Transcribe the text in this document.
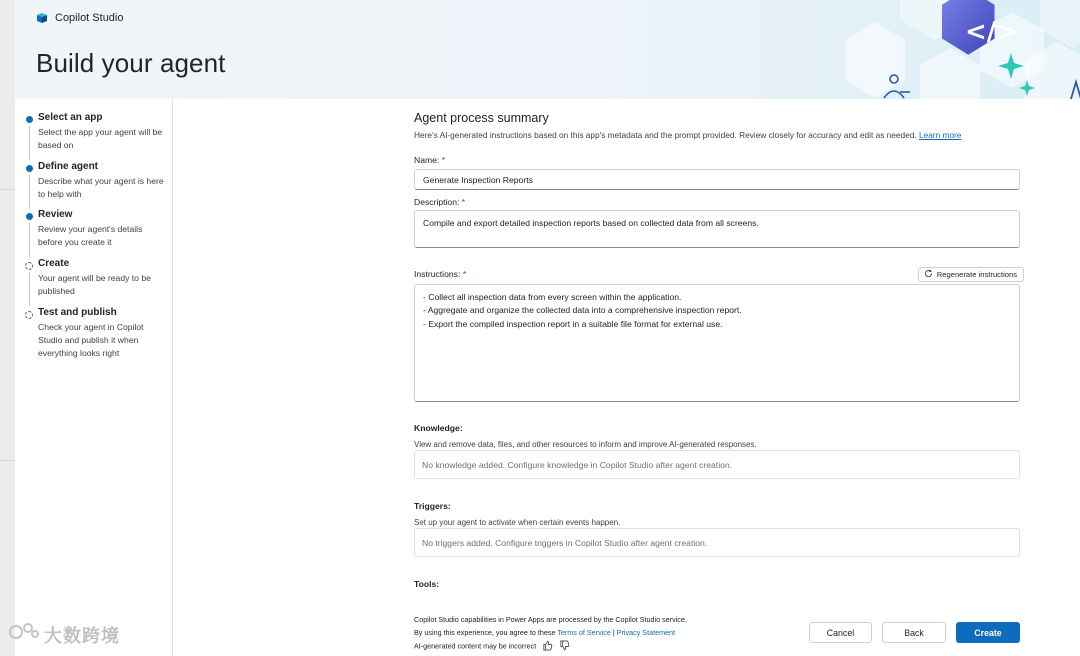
Copilot Studio
Build your agent
</>
Select an app
Select the app your agent will be based on
Define agent
Describe what your agent is here to help with
Review
Review your agent's details before you create it
Create
Your agent will be ready to be published
Test and publish
Check your agent in Copilot Studio and publish it when everything looks right
Agent process summary
Here's AI-generated instructions based on this app's metadata and the prompt provided. Review closely for accuracy and edit as needed. Learn more
Name: *
Generate Inspection Reports
Description: *
Compile and export detailed inspection reports based on collected data from all screens.
Instructions: *	Regenerate instructions
- Collect all inspection data from every screen within the application.
- Aggregate and organize the collected data into a comprehensive inspection report.
- Export the compiled inspection report in a suitable file format for external use.
Knowledge:
View and remove data, files, and other resources to inform and improve AI-generated responses.
No knowledge added. Configure knowledge in Copilot Studio after agent creation.
Triggers:
Set up your agent to activate when certain events happen.
No triggers added. Configure triggers in Copilot Studio after agent creation.
Tools:
Copilot Studio capabilities in Power Apps are processed by the Copilot Studio service.
By using this experience, you agree to these Terms of Service | Privacy Statement
AI-generated content may be incorrect
Cancel	Back	Create
大数跨境
